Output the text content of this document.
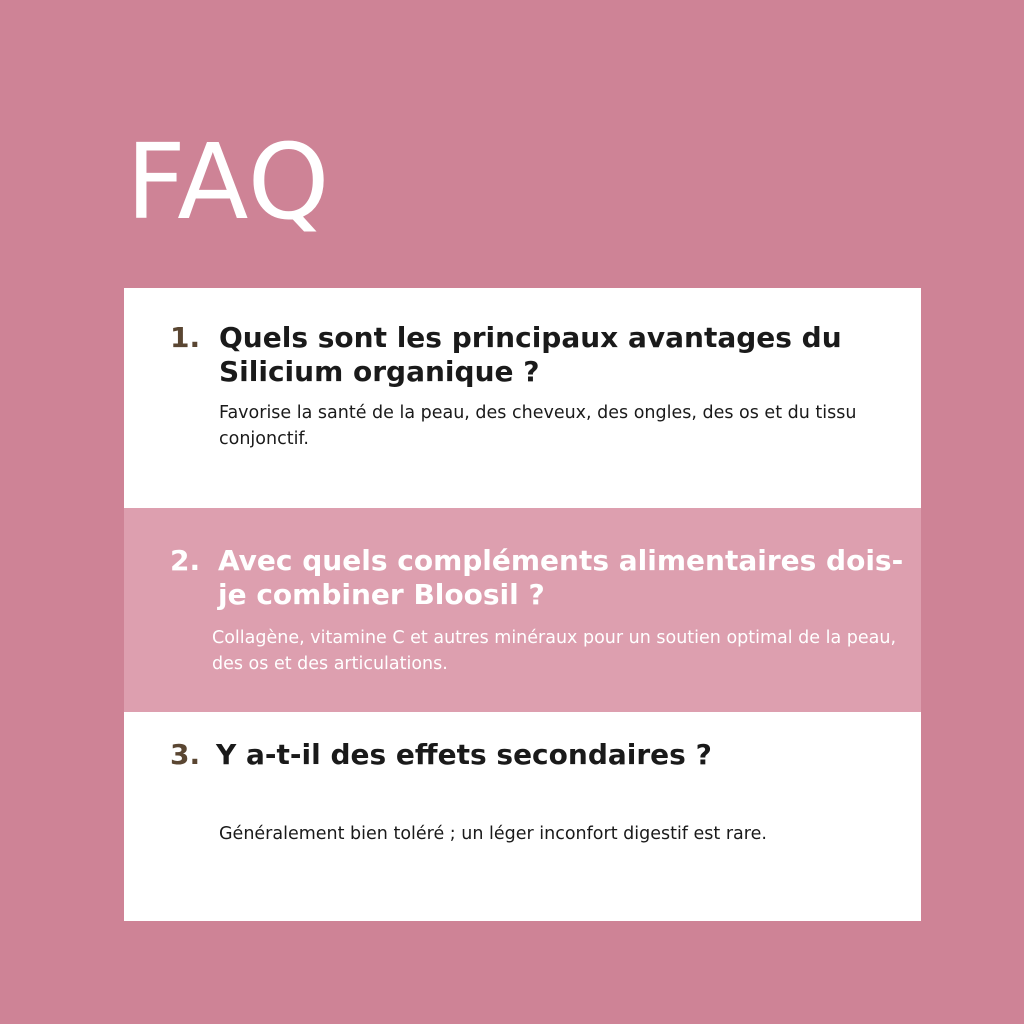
FAQ
1. Quels sont les principaux avantages du Silicium organique ?

Favorise la santé de la peau, des cheveux, des ongles, des os et du tissu conjonctif.

2. Avec quels compléments alimentaires dois-je combiner Bloosil ?

Collagène, vitamine C et autres minéraux pour un soutien optimal de la peau, des os et des articulations.

3. Y a-t-il des effets secondaires ?

Généralement bien toléré ; un léger inconfort digestif est rare.
